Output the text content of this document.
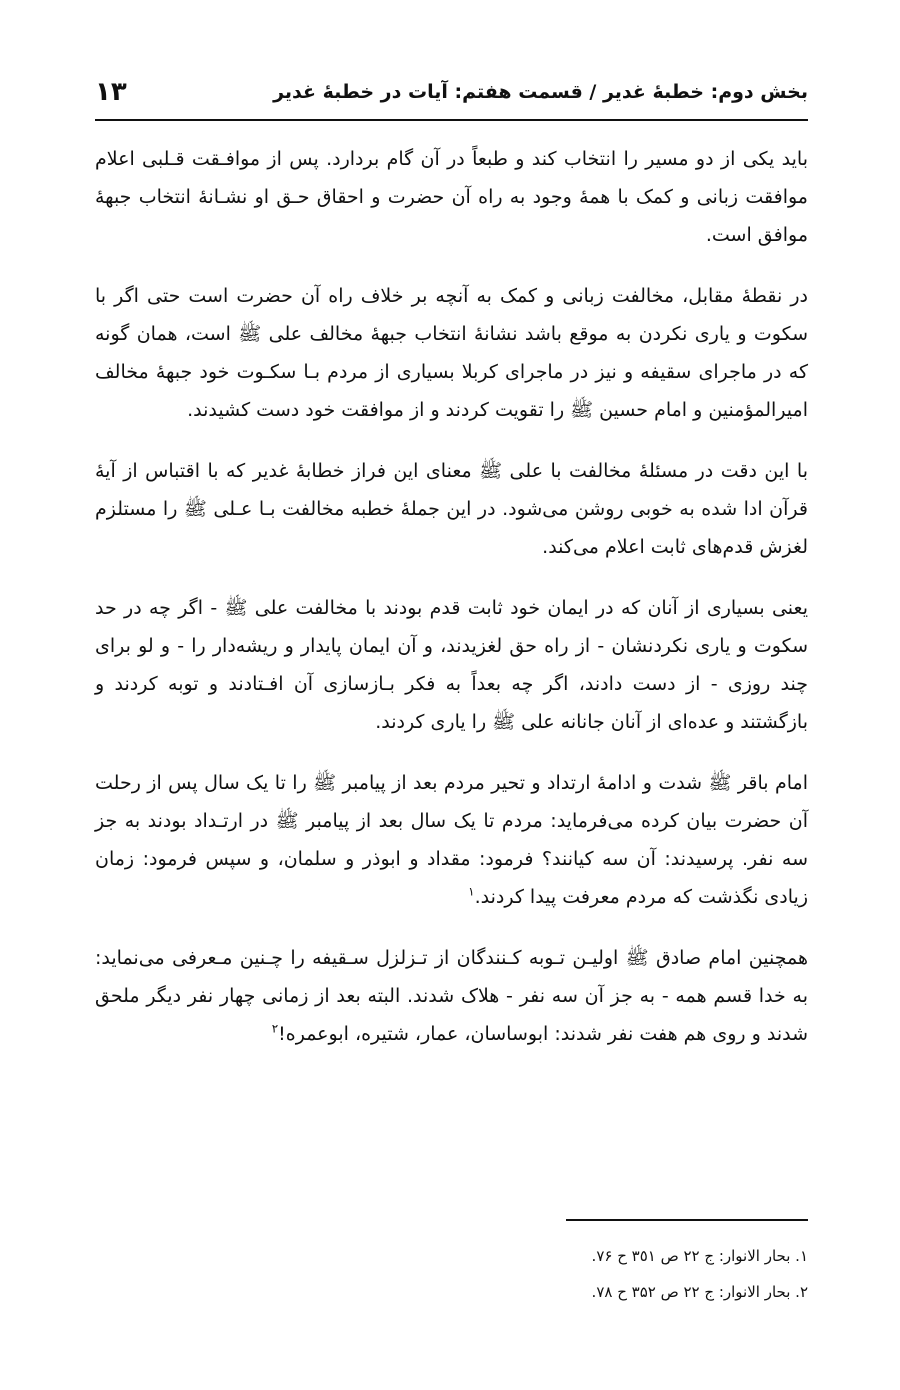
بخش دوم: خطبهٔ غدیر / قسمت هفتم: آیات در خطبهٔ غدیر
١٣

باید یکی از دو مسیر را انتخاب کند و طبعاً در آن گام بردارد. پس از موافـقت قـلبی اعلام موافقت زبانی و کمک با همهٔ وجود به راه آن حضرت و احقاق حـق او نشـانهٔ انتخاب جبههٔ موافق است.

در نقطهٔ مقابل، مخالفت زبانی و کمک به آنچه بر خلاف راه آن حضرت است حتی اگر با سکوت و یاری نکردن به موقع باشد نشانهٔ انتخاب جبههٔ مخالف علی ﷺ است، همان گونه که در ماجرای سقیفه و نیز در ماجرای کربلا بسیاری از مردم بـا سکـوت خود جبههٔ مخالف امیرالمؤمنین و امام حسین ﷺ را تقویت کردند و از موافقت خود دست کشیدند.

با این دقت در مسئلهٔ مخالفت با علی ﷺ معنای این فراز خطابهٔ غدیر که با اقتباس از آیهٔ قرآن ادا شده به خوبی روشن می‌شود. در این جملهٔ خطبه مخالفت بـا عـلی ﷺ را مستلزم لغزش قدم‌های ثابت اعلام می‌کند.

یعنی بسیاری از آنان که در ایمان خود ثابت قدم بودند با مخالفت علی ﷺ - اگر چه در حد سکوت و یاری نکردنشان - از راه حق لغزیدند، و آن ایمان پایدار و ریشه‌دار را - و لو برای چند روزی - از دست دادند، اگر چه بعداً به فکر بـازسازی آن افـتادند و توبه کردند و بازگشتند و عده‌ای از آنان جانانه علی ﷺ را یاری کردند.

امام باقر ﷺ شدت و ادامهٔ ارتداد و تحیر مردم بعد از پیامبر ﷺ را تا یک سال پس از رحلت آن حضرت بیان کرده می‌فرماید: مردم تا یک سال بعد از پیامبر ﷺ در ارتـداد بودند به جز سه نفر. پرسیدند: آن سه کیانند؟ فرمود: مقداد و ابوذر و سلمان، و سپس فرمود: زمان زیادی نگذشت که مردم معرفت پیدا کردند.$^١$

همچنین امام صادق ﷺ اولیـن تـوبه کـنندگان از تـزلزل سـقیفه را چـنین مـعرفی می‌نماید: به خدا قسم همه - به جز آن سه نفر - هلاک شدند. البته بعد از زمانی چهار نفر دیگر ملحق شدند و روی هم هفت نفر شدند: ابوساسان، عمار، شتیره، ابوعمره!$^٢$

١. بحار الانوار: ج ٢٢ ص ٣٥١ ح ٧۶.
٢. بحار الانوار: ج ٢٢ ص ٣۵٢ ح ٧٨.
